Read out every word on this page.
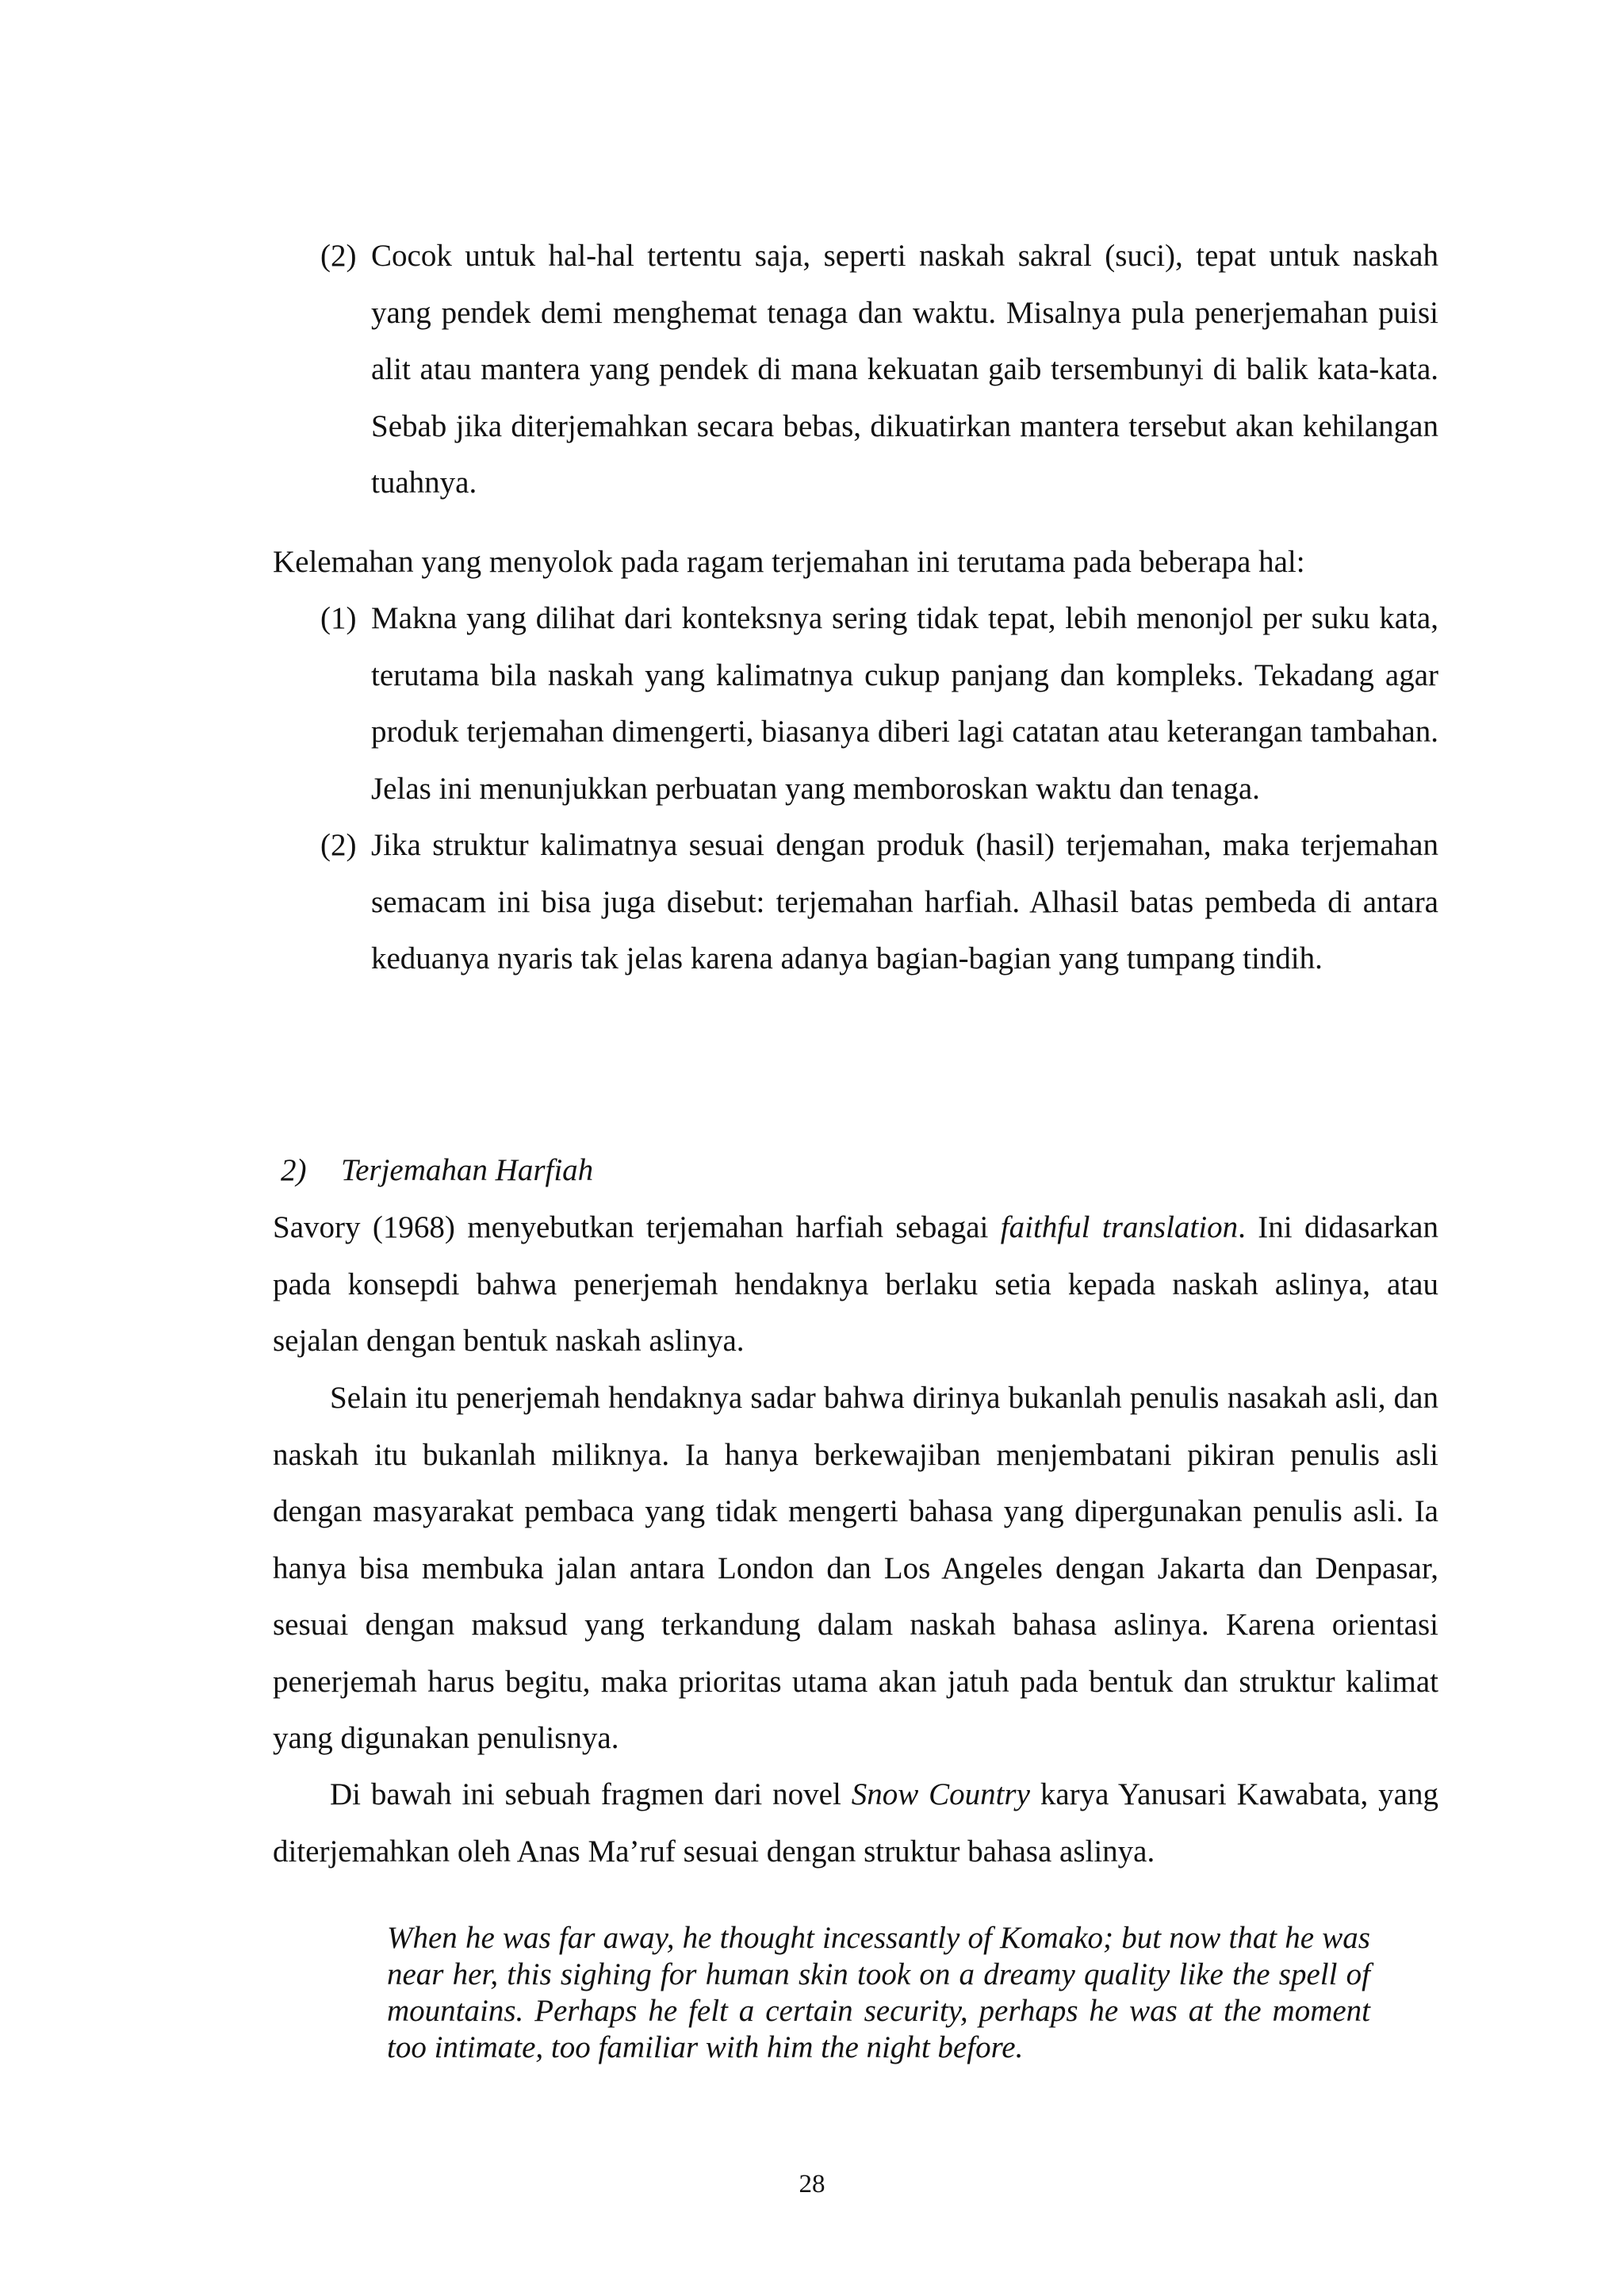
(2) Cocok untuk hal-hal tertentu saja, seperti naskah sakral (suci), tepat untuk naskah yang pendek demi menghemat tenaga dan waktu. Misalnya pula penerjemahan puisi alit atau mantera yang pendek di mana kekuatan gaib tersembunyi di balik kata-kata. Sebab jika diterjemahkan secara bebas, dikuatirkan mantera tersebut akan kehilangan tuahnya.
Kelemahan yang menyolok pada ragam terjemahan ini terutama pada beberapa hal:
(1) Makna yang dilihat dari konteksnya sering tidak tepat, lebih menonjol per suku kata, terutama bila naskah yang kalimatnya cukup panjang dan kompleks. Tekadang agar produk terjemahan dimengerti, biasanya diberi lagi catatan atau keterangan tambahan. Jelas ini menunjukkan perbuatan yang memboroskan waktu dan tenaga.
(2) Jika struktur kalimatnya sesuai dengan produk (hasil) terjemahan, maka terjemahan semacam ini bisa juga disebut: terjemahan harfiah. Alhasil batas pembeda di antara keduanya nyaris tak jelas karena adanya bagian-bagian yang tumpang tindih.
2) Terjemahan Harfiah
Savory (1968) menyebutkan terjemahan harfiah sebagai faithful translation. Ini didasarkan pada konsepdi bahwa penerjemah hendaknya berlaku setia kepada naskah aslinya, atau sejalan dengan bentuk naskah aslinya.
Selain itu penerjemah hendaknya sadar bahwa dirinya bukanlah penulis nasakah asli, dan naskah itu bukanlah miliknya. Ia hanya berkewajiban menjembatani pikiran penulis asli dengan masyarakat pembaca yang tidak mengerti bahasa yang dipergunakan penulis asli. Ia hanya bisa membuka jalan antara London dan Los Angeles dengan Jakarta dan Denpasar, sesuai dengan maksud yang terkandung dalam naskah bahasa aslinya. Karena orientasi penerjemah harus begitu, maka prioritas utama akan jatuh pada bentuk dan struktur kalimat yang digunakan penulisnya.
Di bawah ini sebuah fragmen dari novel Snow Country karya Yanusari Kawabata, yang diterjemahkan oleh Anas Ma’ruf sesuai dengan struktur bahasa aslinya.
When he was far away, he thought incessantly of Komako; but now that he was near her, this sighing for human skin took on a dreamy quality like the spell of mountains. Perhaps he felt a certain security, perhaps he was at the moment too intimate, too familiar with him the night before.
28
